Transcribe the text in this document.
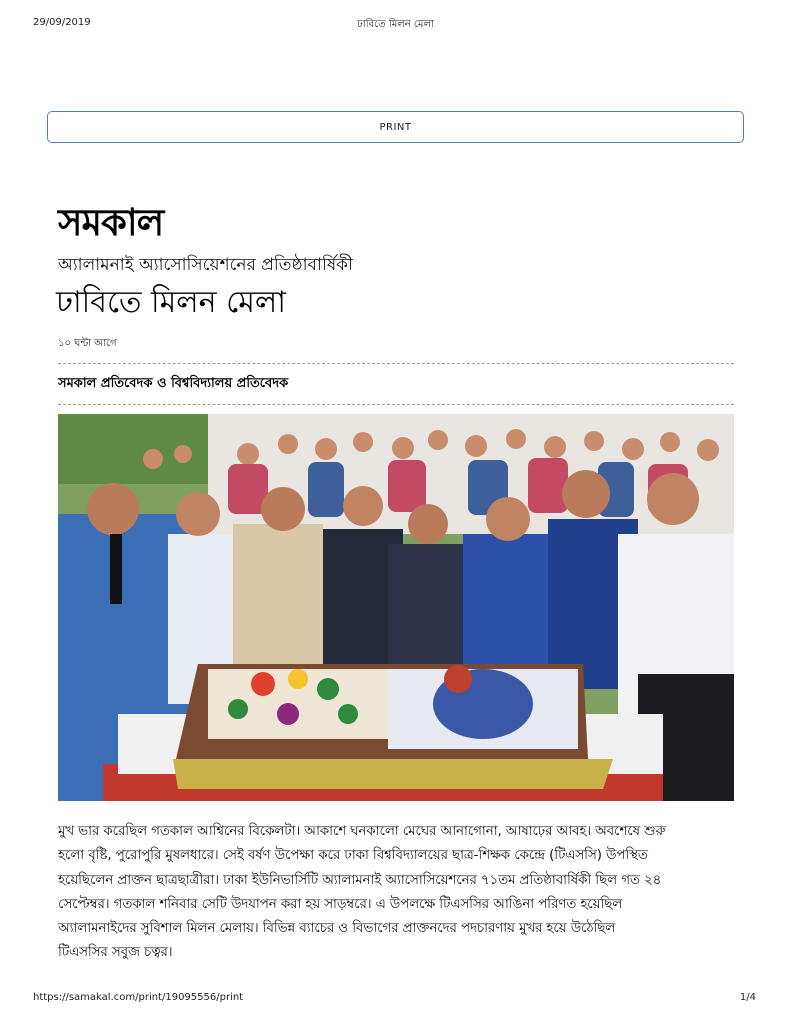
29/09/2019	ঢাবিতে মিলন মেলা
PRINT
সমকাল
অ্যালামনাই অ্যাসোসিয়েশনের প্রতিষ্ঠাবার্ষিকী
ঢাবিতে মিলন মেলা
১০ ঘন্টা আগে
সমকাল প্রতিবেদক ও বিশ্ববিদ্যালয় প্রতিবেদক

মুখ ভার করেছিল গতকাল আশ্বিনের বিকেলটা। আকাশে ঘনকালো মেঘের আনাগোনা, আষাঢ়ের আবহ। অবশেষে শুরু

হলো বৃষ্টি, পুরোপুরি মুষলধারে। সেই বর্ষণ উপেক্ষা করে ঢাকা বিশ্ববিদ্যালয়ের ছাত্র-শিক্ষক কেন্দ্রে (টিএসসি) উপস্থিত

হয়েছিলেন প্রাক্তন ছাত্রছাত্রীরা। ঢাকা ইউনিভার্সিটি অ্যালামনাই অ্যাসোসিয়েশনের ৭১তম প্রতিষ্ঠাবার্ষিকী ছিল গত ২৪

সেপ্টেম্বর। গতকাল শনিবার সেটি উদযাপন করা হয় সাড়ম্বরে। এ উপলক্ষে টিএসসির আঙিনা পরিণত হয়েছিল

অ্যালামনাইদের সুবিশাল মিলন মেলায়। বিভিন্ন ব্যাচের ও বিভাগের প্রাক্তনদের পদচারণায় মুখর হয়ে উঠেছিল

টিএসসির সবুজ চত্বর।

https://samakal.com/print/19095556/print	1/4
